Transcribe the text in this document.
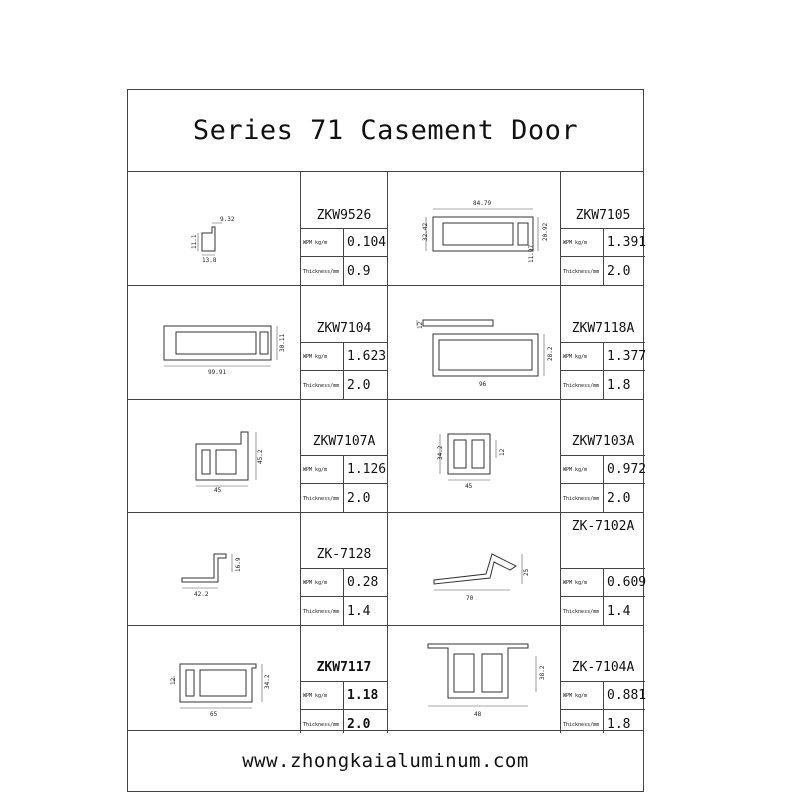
Series 71 Casement Door
9.32
11.1
13.8
ZKW9526
WPM kg/m 0.104
Thickness/mm 0.9
84.79
32.42
11.97
20.92
ZKW7105
WPM kg/m 1.391
Thickness/mm 2.0
99.91
30.11
ZKW7104
WPM kg/m 1.623
Thickness/mm 2.0
12
28.2
96
ZKW7118A
WPM kg/m 1.377
Thickness/mm 1.8
45
45.2
ZKW7107A
WPM kg/m 1.126
Thickness/mm 2.0
34.2	12
45
ZKW7103A
WPM kg/m 0.972
Thickness/mm 2.0
16.9
42.2
ZK-7128
WPM kg/m 0.28
Thickness/mm 1.4
70
25
ZK-7102A
WPM kg/m 0.609
Thickness/mm 1.4
12	34.2
65
ZKW7117
WPM kg/m 1.18
Thickness/mm 2.0
38.2
48
ZK-7104A
WPM kg/m 0.881
Thickness/mm 1.8
www.zhongkaialuminum.com
